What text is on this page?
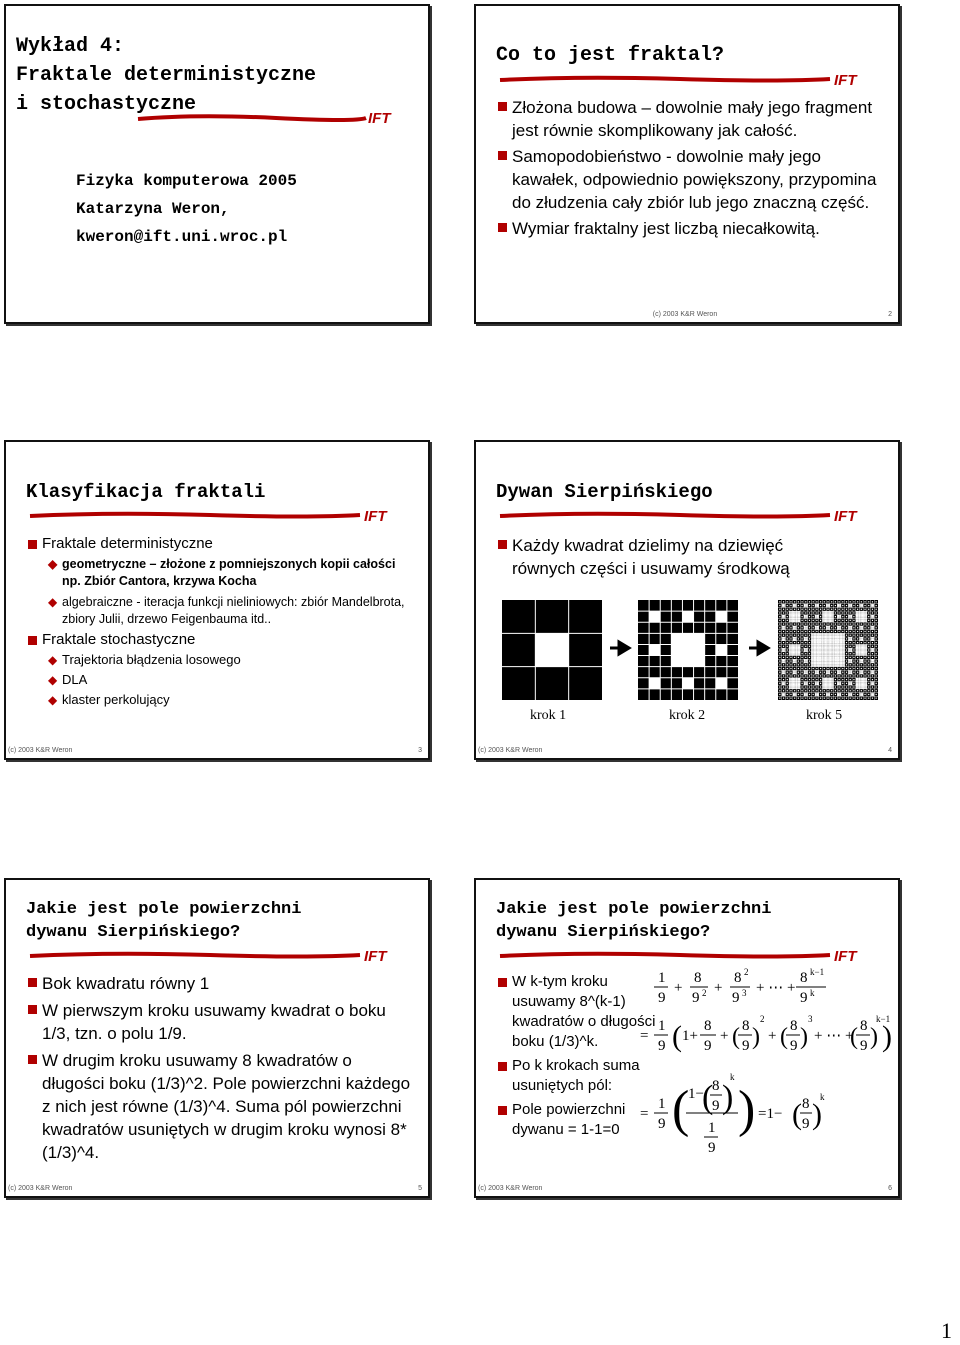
Wykład 4:
Fraktale deterministyczne
i stochastyczne
IFT
Fizyka komputerowa 2005
Katarzyna Weron,
kweron@ift.uni.wroc.pl
Co to jest fraktal?
IFT
Złożona budowa – dowolnie mały jego fragment jest równie skomplikowany jak całość.
Samopodobieństwo - dowolnie mały jego kawałek, odpowiednio powiększony, przypomina do złudzenia cały zbiór lub jego znaczną część.
Wymiar fraktalny jest liczbą niecałkowitą.
(c) 2003 K&R Weron	2
Klasyfikacja fraktali
IFT
Fraktale deterministyczne
◆ geometryczne – złożone z pomniejszonych kopii całości np. Zbiór Cantora, krzywa Kocha
◆ algebraiczne - iteracja funkcji nieliniowych: zbiór Mandelbrota, zbiory Julii, drzewo Feigenbauma itd..
Fraktale stochastyczne
◆ Trajektoria błądzenia losowego
◆ DLA
◆ klaster perkolujący
(c) 2003 K&R Weron	3
Dywan Sierpińskiego
IFT
Każdy kwadrat dzielimy na dziewięć równych części i usuwamy środkową
krok 1	krok 2	krok 5
(c) 2003 K&R Weron	4
Jakie jest pole powierzchni
dywanu Sierpińskiego?
IFT
Bok kwadratu równy 1
W pierwszym kroku usuwamy kwadrat o boku 1/3, tzn. o polu 1/9.
W drugim kroku usuwamy 8 kwadratów o długości boku (1/3)^2. Pole powierzchni każdego z nich jest równe (1/3)^4. Suma pól powierzchni kwadratów usuniętych w drugim kroku wynosi 8* (1/3)^4.
(c) 2003 K&R Weron	5
Jakie jest pole powierzchni
dywanu Sierpińskiego?
IFT
W k-tym kroku usuwamy 8^(k-1) kwadratów o długości boku (1/3)^k.
Po k krokach suma usuniętych pól:
Pole powierzchni dywanu = 1-1=0
1
9
+
8
9 2 +
8 2
9 3 + ⋯ +
8 k−1
9 k
=
1
9 ( 1+
8
9
+ ( 8
9 )
2
+ ( 8
9 )
3
+ ⋯ +
( 8
9 )
k−1
)
=
1
9 (
1−
(
8
9 )
k
1
9
) =1− ( 8
9 )
k
(c) 2003 K&R Weron	6
1
